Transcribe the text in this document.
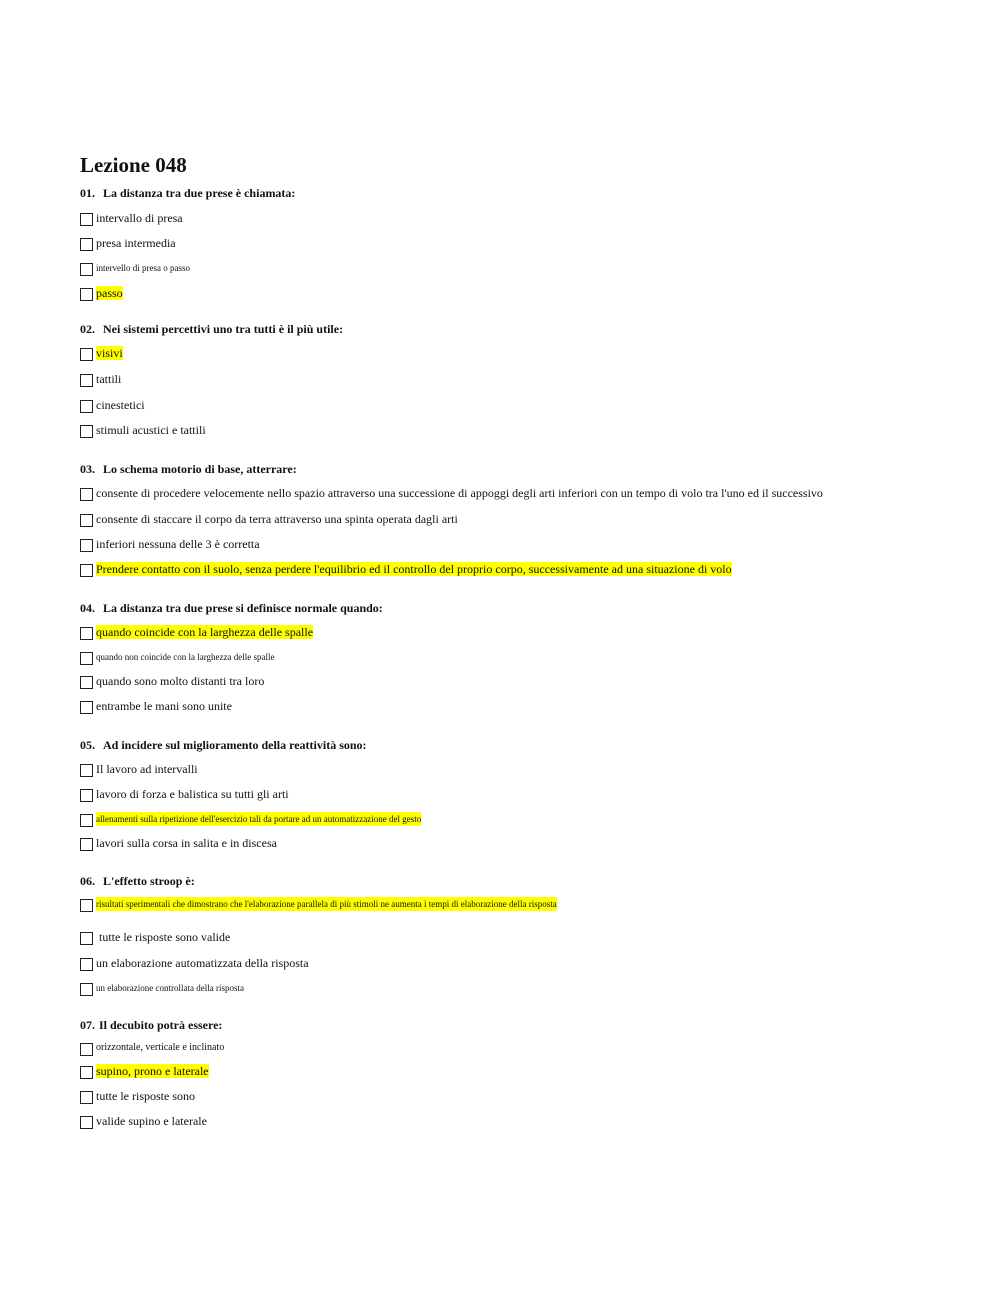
Lezione 048
01. La distanza tra due prese è chiamata:
intervallo di presa
presa intermedia
intervello di presa o passo
passo
02. Nei sistemi percettivi uno tra tutti è il più utile:
visivi
tattili
cinestetici
stimuli acustici e tattili
03. Lo schema motorio di base, atterrare:
consente di procedere velocemente nello spazio attraverso una successione di appoggi degli arti inferiori con un tempo di volo tra l'uno ed il successivo
consente di staccare il corpo da terra attraverso una spinta operata dagli arti
inferiori nessuna delle 3 è corretta
Prendere contatto con il suolo, senza perdere l'equilibrio ed il controllo del proprio corpo, successivamente ad una situazione di volo
04. La distanza tra due prese si definisce normale quando:
quando coincide con la larghezza delle spalle
quando non coincide con la larghezza delle spalle
quando sono molto distanti tra loro
entrambe le mani sono unite
05. Ad incidere sul miglioramento della reattività sono:
Il lavoro ad intervalli
lavoro di forza e balistica su tutti gli arti
allenamenti sulla ripetizione dell'esercizio tali da portare ad un automatizzazione del gesto
lavori sulla corsa in salita e in discesa
06. L'effetto stroop è:
risultati sperimentali che dimostrano che l'elaborazione parallela di più stimoli ne aumenta i tempi di elaborazione della risposta
tutte le risposte sono valide
un elaborazione automatizzata della risposta
un elaborazione controllata della risposta
07. Il decubito potrà essere:
orizzontale, verticale e inclinato
supino, prono e laterale
tutte le risposte sono
valide supino e laterale
